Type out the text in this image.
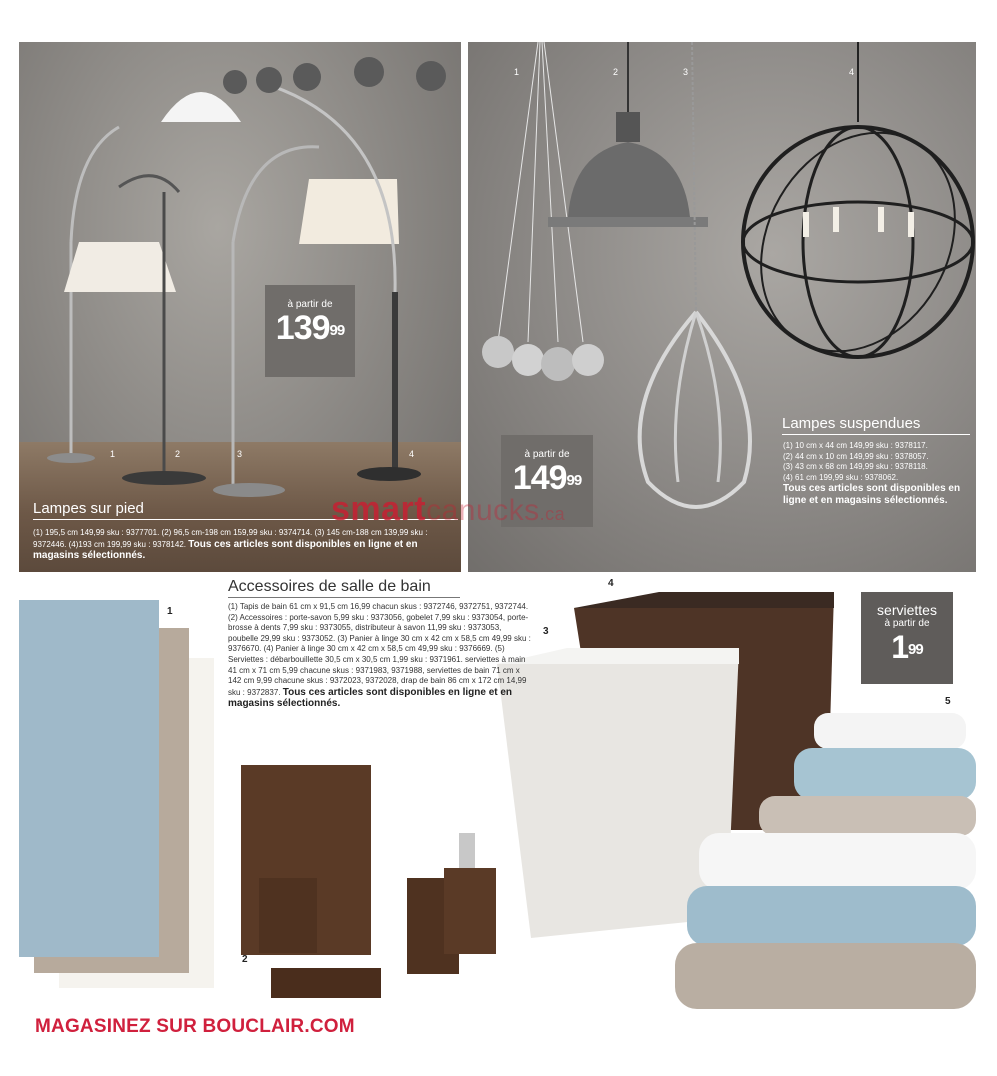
à partir de
$139^{99}$
1	2	3	4
Lampes sur pied
(1) 195,5 cm 149,99 sku : 9377701. (2) 96,5 cm-198 cm 159,99 sku : 9374714. (3) 145 cm-188 cm 139,99 sku : 9372446. (4)193 cm 199,99 sku : 9378142. Tous ces articles sont disponibles en ligne et en magasins sélectionnés.
1	2	3	4
à partir de
$149^{99}$
Lampes suspendues
(1) 10 cm x 44 cm 149,99 sku : 9378117.
(2) 44 cm x 10 cm 149,99 sku : 9378057.
(3) 43 cm x 68 cm 149,99 sku : 9378118.
(4) 61 cm 199,99 sku : 9378062.
Tous ces articles sont disponibles en ligne et en magasins sélectionnés.
Accessoires de salle de bain
(1) Tapis de bain 61 cm x 91,5 cm 16,99 chacun skus : 9372746, 9372751, 9372744. (2) Accessoires : porte-savon 5,99 sku : 9373056, gobelet 7,99 sku : 9373054, porte-brosse à dents 7,99 sku : 9373055, distributeur à savon 11,99 sku : 9373053, poubelle 29,99 sku : 9373052. (3) Panier à linge 30 cm x 42 cm x 58,5 cm 49,99 sku : 9376670. (4) Panier à linge 30 cm x 42 cm x 58,5 cm 49,99 sku : 9376669. (5) Serviettes : débarbouillette 30,5 cm x 30,5 cm 1,99 sku : 9371961. serviettes à main 41 cm x 71 cm 5,99 chacune skus : 9371983, 9371988, serviettes de bain 71 cm x 142 cm 9,99 chacune skus : 9372023, 9372028, drap de bain 86 cm x 172 cm 14,99 sku : 9372837. Tous ces articles sont disponibles en ligne et en magasins sélectionnés.
1
2
3
4
5
serviettes
à partir de
$1^{99}$
smartcanucks.ca
MAGASINEZ SUR BOUCLAIR.COM
